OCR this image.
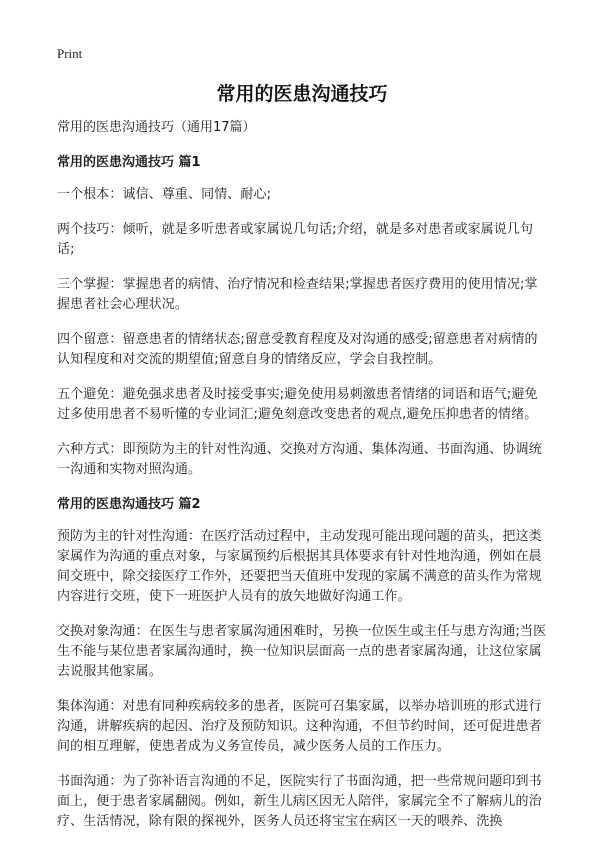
Print
常用的医患沟通技巧

常用的医患沟通技巧（通用17篇）

常用的医患沟通技巧 篇1

一个根本：诚信、尊重、同情、耐心;

两个技巧：倾听，就是多听患者或家属说几句话;介绍，就是多对患者或家属说几句话;

三个掌握：掌握患者的病情、治疗情况和检查结果;掌握患者医疗费用的使用情况;掌握患者社会心理状况。

四个留意：留意患者的情绪状态;留意受教育程度及对沟通的感受;留意患者对病情的认知程度和对交流的期望值;留意自身的情绪反应，学会自我控制。

五个避免：避免强求患者及时接受事实;避免使用易刺激患者情绪的词语和语气;避免过多使用患者不易听懂的专业词汇;避免刻意改变患者的观点,避免压抑患者的情绪。

六种方式：即预防为主的针对性沟通、交换对方沟通、集体沟通、书面沟通、协调统一沟通和实物对照沟通。

常用的医患沟通技巧 篇2

预防为主的针对性沟通：在医疗活动过程中，主动发现可能出现问题的苗头，把这类家属作为沟通的重点对象，与家属预约后根据其具体要求有针对性地沟通，例如在晨间交班中，除交接医疗工作外，还要把当天值班中发现的家属不满意的苗头作为常规内容进行交班，使下一班医护人员有的放矢地做好沟通工作。

交换对象沟通：在医生与患者家属沟通困难时，另换一位医生或主任与患方沟通;当医生不能与某位患者家属沟通时，换一位知识层面高一点的患者家属沟通，让这位家属去说服其他家属。

集体沟通：对患有同种疾病较多的患者，医院可召集家属，以举办培训班的形式进行沟通，讲解疾病的起因、治疗及预防知识。这种沟通，不但节约时间，还可促进患者间的相互理解，使患者成为义务宣传员，减少医务人员的工作压力。

书面沟通：为了弥补语言沟通的不足，医院实行了书面沟通，把一些常规问题印到书面上，便于患者家属翻阅。例如，新生儿病区因无人陪伴，家属完全不了解病儿的治疗、生活情况，除有限的探视外，医务人员还将宝宝在病区一天的喂养、洗换
